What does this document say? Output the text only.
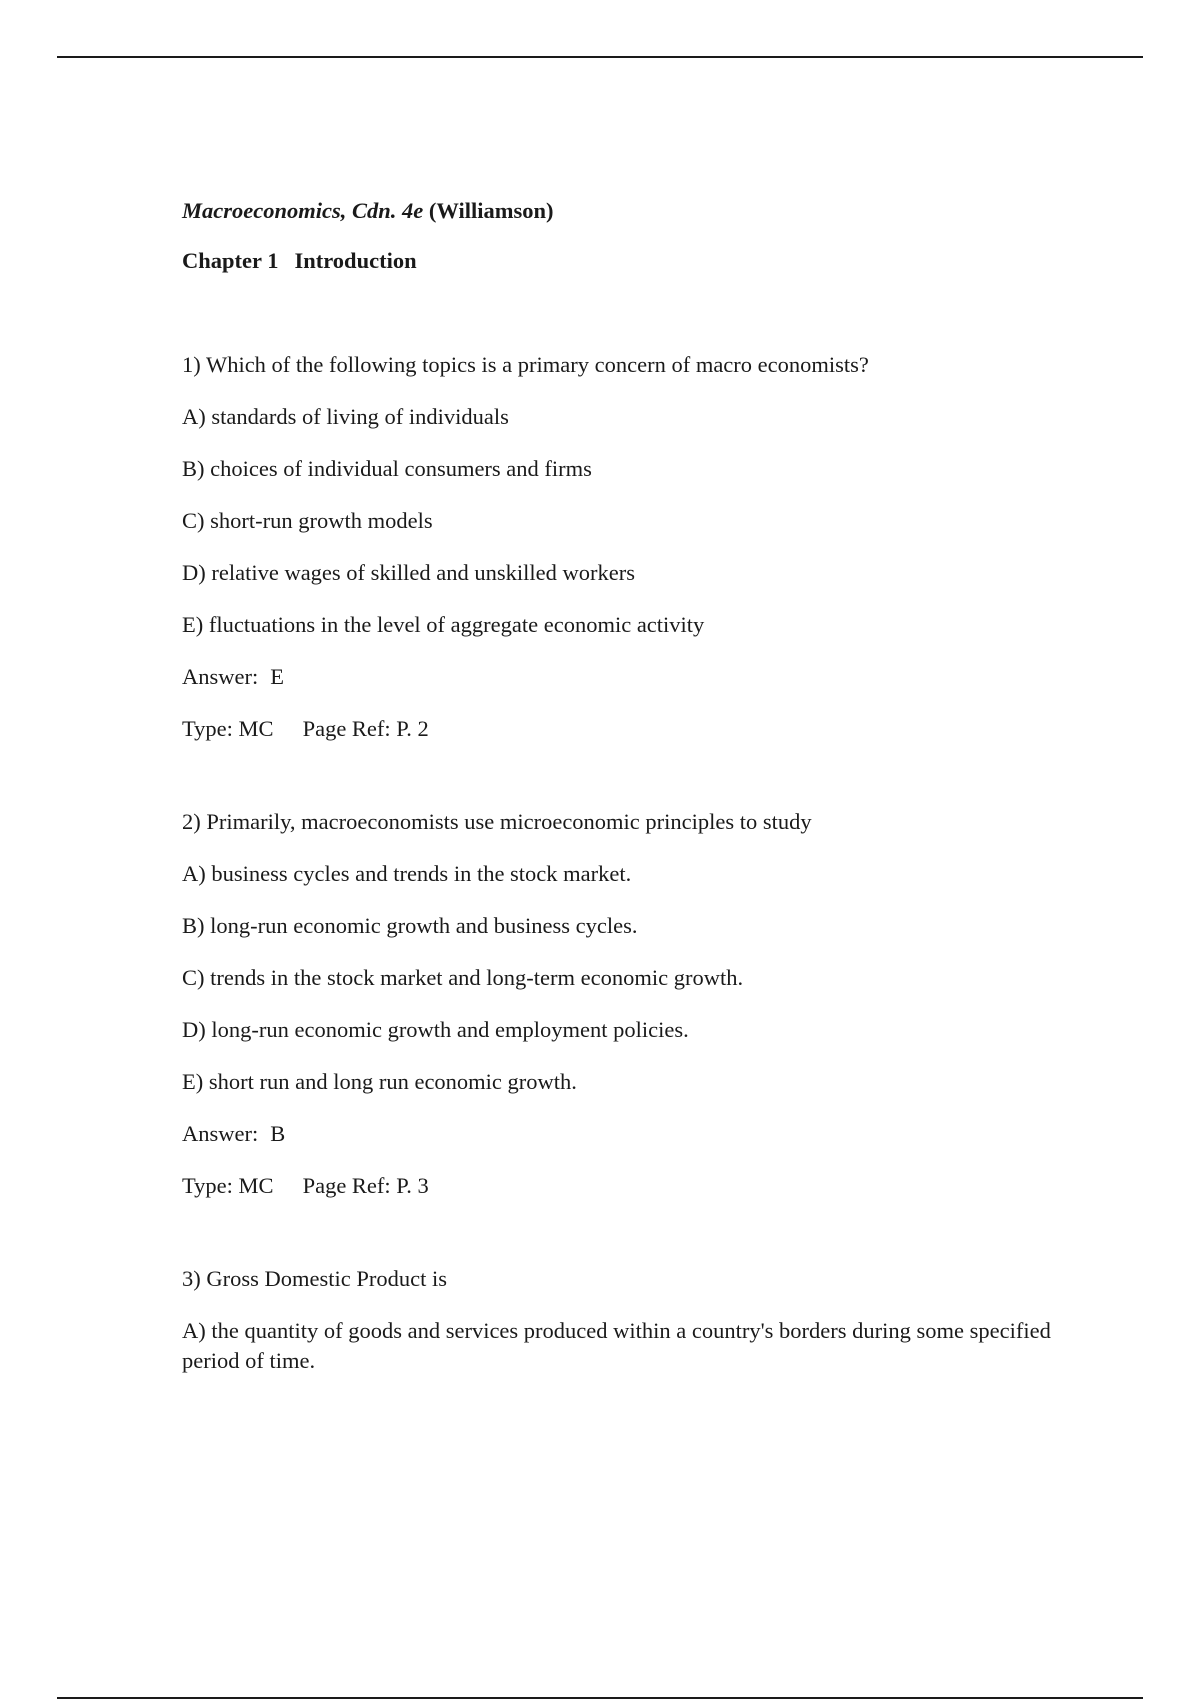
Macroeconomics, Cdn. 4e (Williamson)

Chapter 1 Introduction

1) Which of the following topics is a primary concern of macro economists?

A) standards of living of individuals

B) choices of individual consumers and firms

C) short-run growth models

D) relative wages of skilled and unskilled workers

E) fluctuations in the level of aggregate economic activity

Answer: E

Type: MC Page Ref: P. 2

2) Primarily, macroeconomists use microeconomic principles to study

A) business cycles and trends in the stock market.

B) long-run economic growth and business cycles.

C) trends in the stock market and long-term economic growth.

D) long-run economic growth and employment policies.

E) short run and long run economic growth.

Answer: B

Type: MC Page Ref: P. 3

3) Gross Domestic Product is

A) the quantity of goods and services produced within a country's borders during some specified period of time.
